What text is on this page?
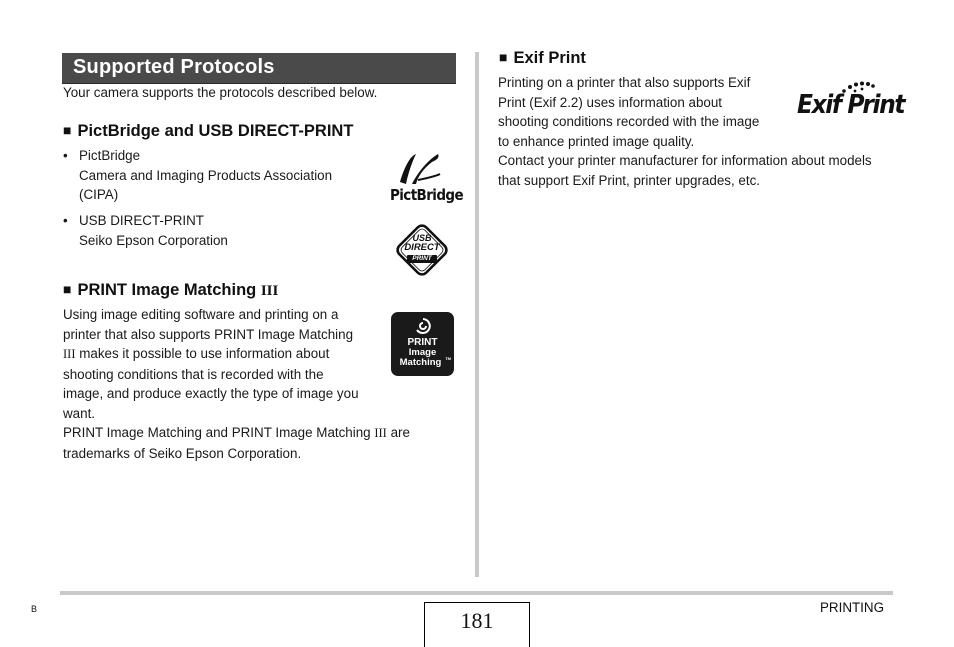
Supported Protocols
Your camera supports the protocols described below.
■ PictBridge and USB DIRECT-PRINT
• PictBridge
Camera and Imaging Products Association
(CIPA)
• USB DIRECT-PRINT
Seiko Epson Corporation
PictBridge
USB
DIRECT
PRINT
■ PRINT Image Matching III
Using image editing software and printing on a
printer that also supports PRINT Image Matching
III makes it possible to use information about
shooting conditions that is recorded with the
image, and produce exactly the type of image you
want.
PRINT Image Matching and PRINT Image Matching III are
trademarks of Seiko Epson Corporation.
PRINT
Image
Matching TM
■ Exif Print
Printing on a printer that also supports Exif
Print (Exif 2.2) uses information about
shooting conditions recorded with the image
to enhance printed image quality.
Contact your printer manufacturer for information about models
that support Exif Print, printer upgrades, etc.
Exif Print
B	181
PRINTING
